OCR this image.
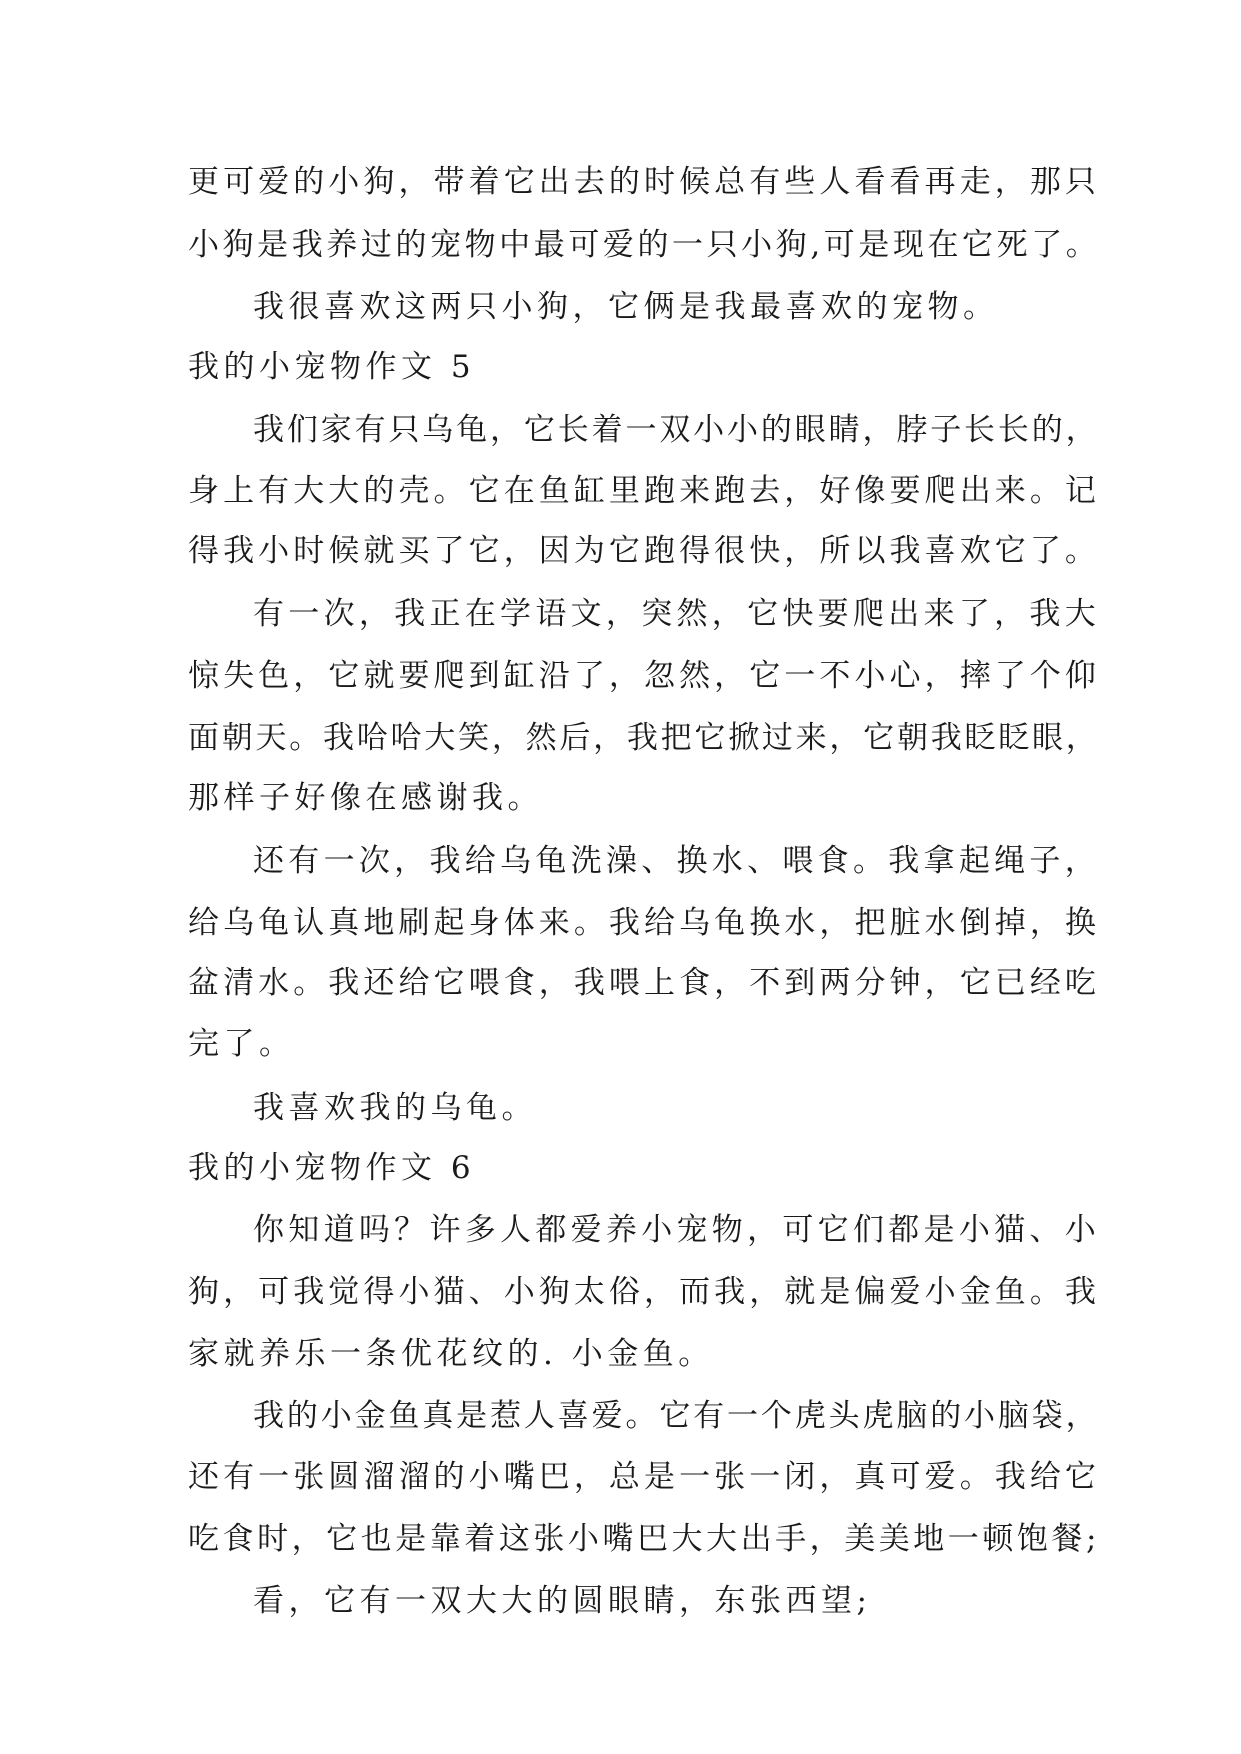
更可爱的小狗，带着它出去的时候总有些人看看再走，那只
小狗是我养过的宠物中最可爱的一只小狗,可是现在它死了。
我很喜欢这两只小狗，它俩是我最喜欢的宠物。
我的小宠物作文 5
我们家有只乌龟，它长着一双小小的眼睛，脖子长长的，
身上有大大的壳。它在鱼缸里跑来跑去，好像要爬出来。记
得我小时候就买了它，因为它跑得很快，所以我喜欢它了。
有一次，我正在学语文，突然，它快要爬出来了，我大
惊失色，它就要爬到缸沿了，忽然，它一不小心，摔了个仰
面朝天。我哈哈大笑，然后，我把它掀过来，它朝我眨眨眼，
那样子好像在感谢我。
还有一次，我给乌龟洗澡、换水、喂食。我拿起绳子，
给乌龟认真地刷起身体来。我给乌龟换水，把脏水倒掉，换
盆清水。我还给它喂食，我喂上食，不到两分钟，它已经吃
完了。
我喜欢我的乌龟。
我的小宠物作文 6
你知道吗？许多人都爱养小宠物，可它们都是小猫、小
狗，可我觉得小猫、小狗太俗，而我，就是偏爱小金鱼。我
家就养乐一条优花纹的. 小金鱼。
我的小金鱼真是惹人喜爱。它有一个虎头虎脑的小脑袋，
还有一张圆溜溜的小嘴巴，总是一张一闭，真可爱。我给它
吃食时，它也是靠着这张小嘴巴大大出手，美美地一顿饱餐;
看，它有一双大大的圆眼睛，东张西望;
